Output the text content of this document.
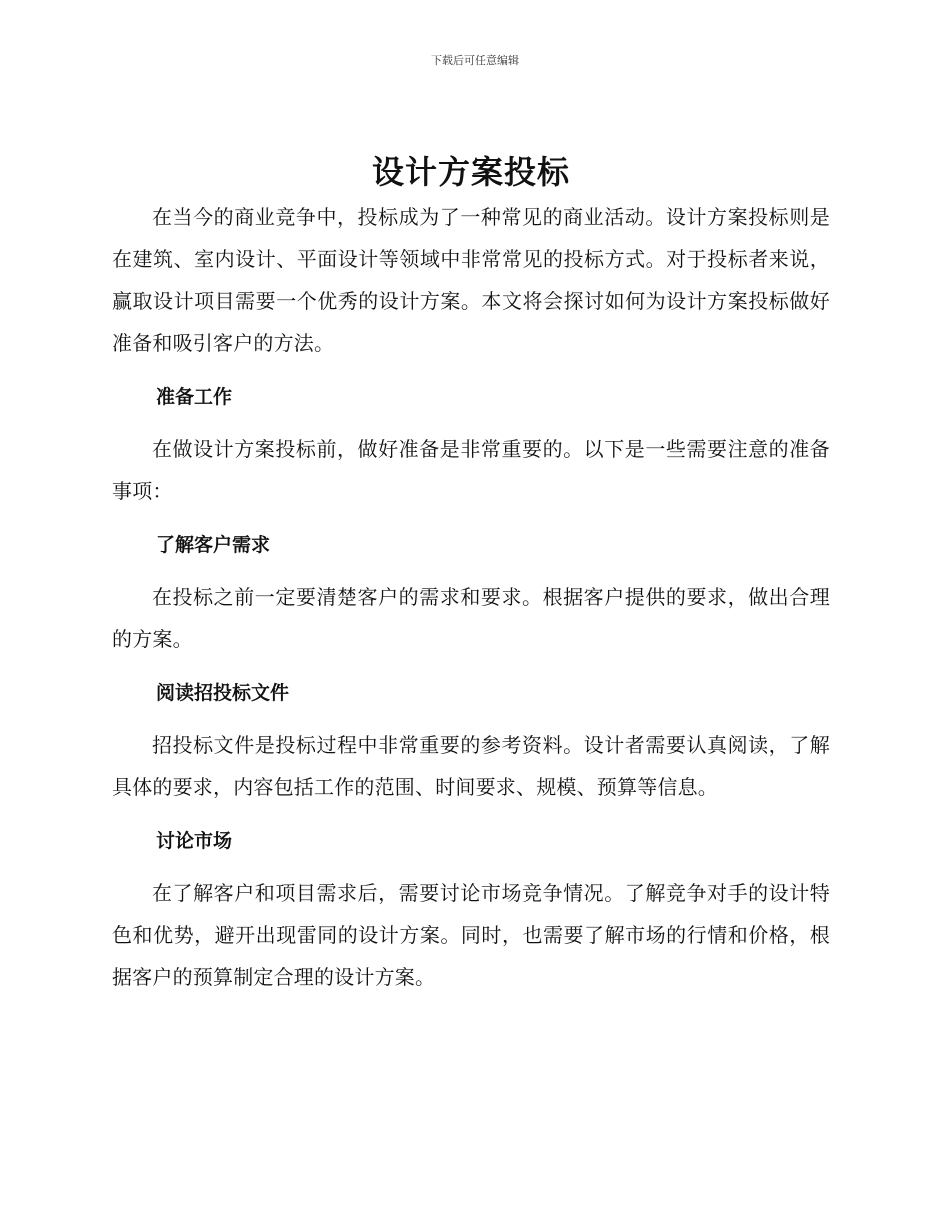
下载后可任意编辑
设计方案投标

在当今的商业竞争中，投标成为了一种常见的商业活动。设计方案投标则是在建筑、室内设计、平面设计等领域中非常常见的投标方式。对于投标者来说，赢取设计项目需要一个优秀的设计方案。本文将会探讨如何为设计方案投标做好准备和吸引客户的方法。

准备工作

在做设计方案投标前，做好准备是非常重要的。以下是一些需要注意的准备事项：

了解客户需求

在投标之前一定要清楚客户的需求和要求。根据客户提供的要求，做出合理的方案。

阅读招投标文件

招投标文件是投标过程中非常重要的参考资料。设计者需要认真阅读，了解具体的要求，内容包括工作的范围、时间要求、规模、预算等信息。

讨论市场

在了解客户和项目需求后，需要讨论市场竞争情况。了解竞争对手的设计特色和优势，避开出现雷同的设计方案。同时，也需要了解市场的行情和价格，根据客户的预算制定合理的设计方案。
